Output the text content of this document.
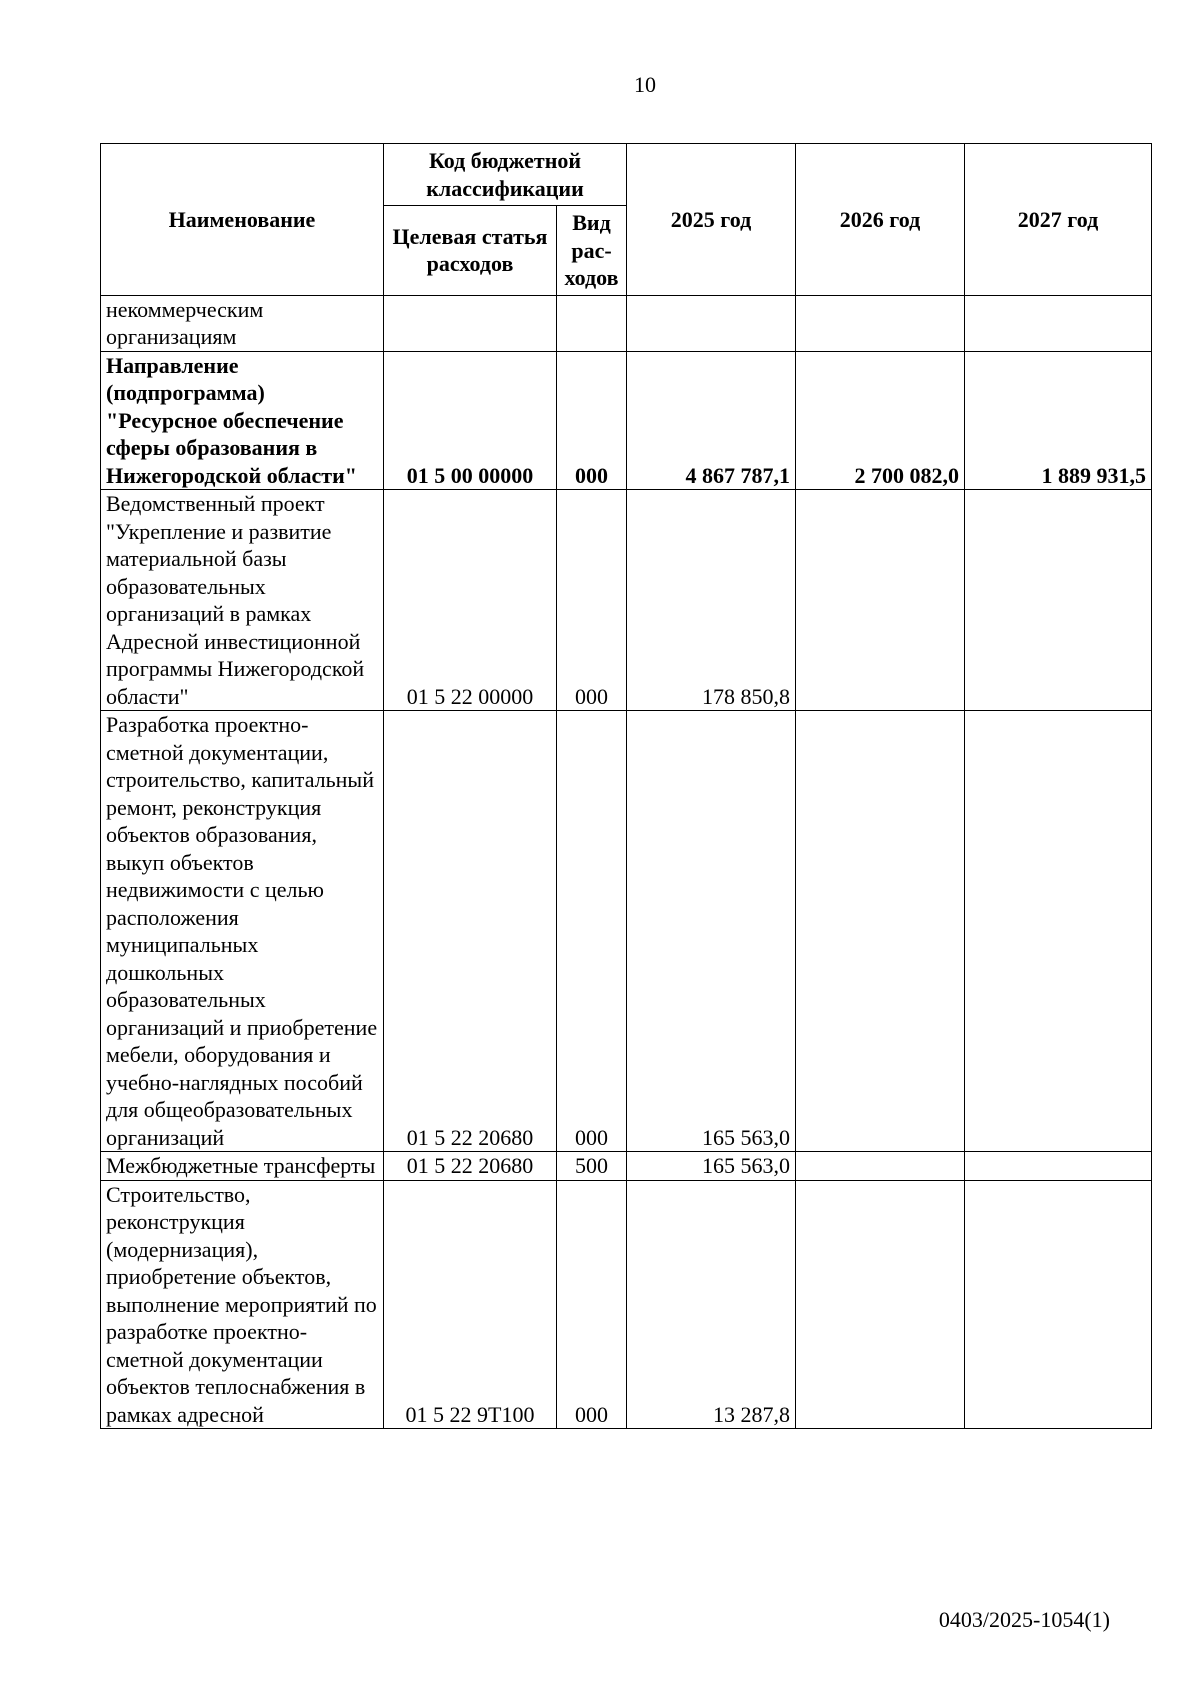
10
Наименование	Код бюджетной классификации		2025 год	2026 год	2027 год
	Целевая статья расходов	Вид рас-ходов			
некоммерческим организациям					
Направление (подпрограмма) "Ресурсное обеспечение сферы образования в Нижегородской области"	01 5 00 00000	000	4 867 787,1	2 700 082,0	1 889 931,5
Ведомственный проект "Укрепление и развитие материальной базы образовательных организаций в рамках Адресной инвестиционной программы Нижегородской области"	01 5 22 00000	000	178 850,8		
Разработка проектно-сметной документации, строительство, капитальный ремонт, реконструкция объектов образования, выкуп объектов недвижимости с целью расположения муниципальных дошкольных образовательных организаций и приобретение мебели, оборудования и учебно-наглядных пособий для общеобразовательных организаций	01 5 22 20680	000	165 563,0		
Межбюджетные трансферты	01 5 22 20680	500	165 563,0		
Строительство, реконструкция (модернизация), приобретение объектов, выполнение мероприятий по разработке проектно-сметной документации объектов теплоснабжения в рамках адресной	01 5 22 9Т100	000	13 287,8		
0403/2025-1054(1)
